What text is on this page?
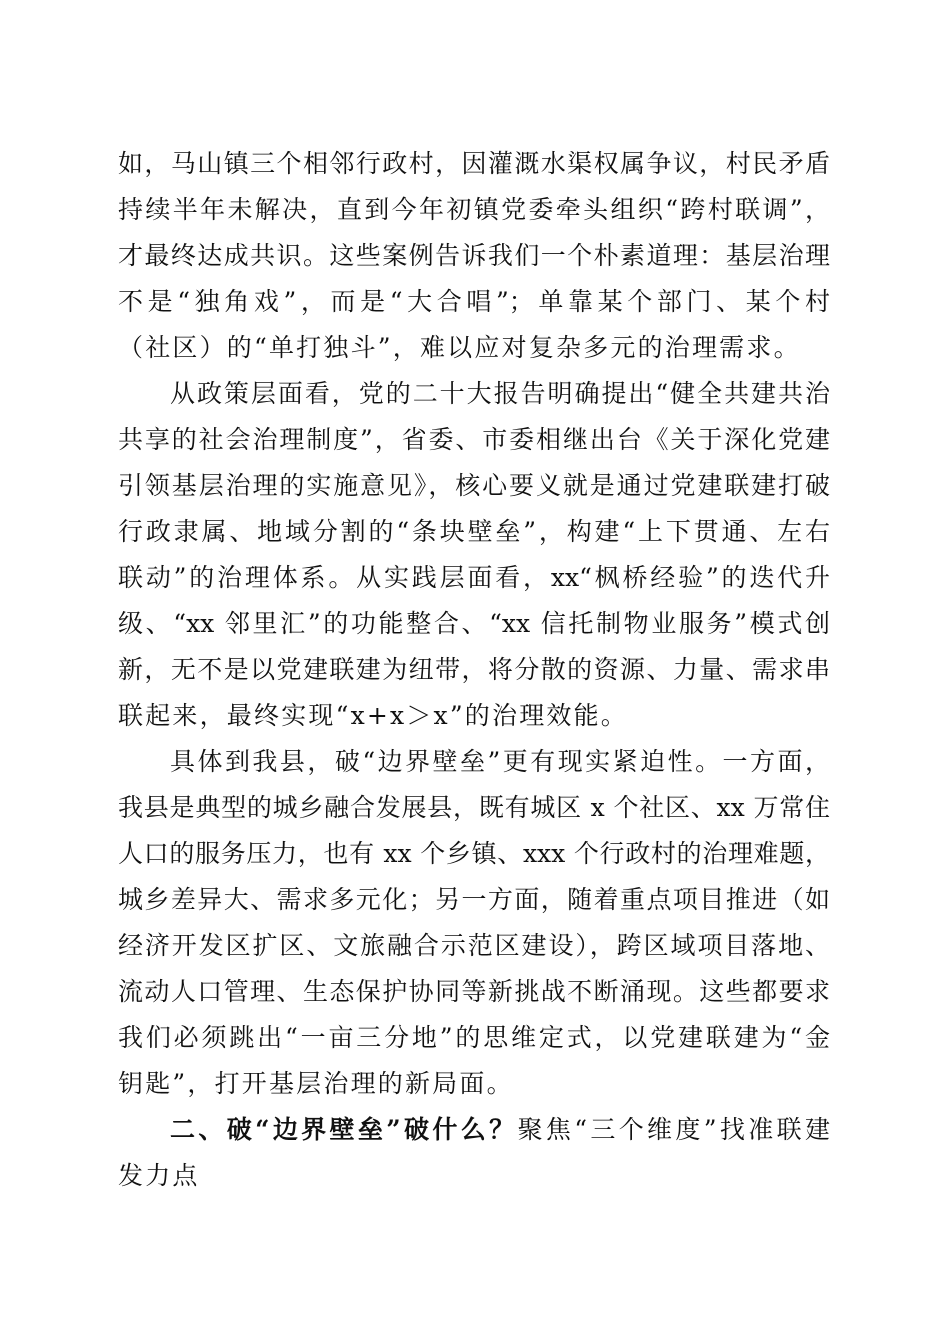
如，马山镇三个相邻行政村，因灌溉水渠权属争议，村民矛盾
持续半年未解决，直到今年初镇党委牵头组织“跨村联调”，
才最终达成共识。这些案例告诉我们一个朴素道理：基层治理
不是“独角戏”，而是“大合唱”；单靠某个部门、某个村
（社区）的“单打独斗”，难以应对复杂多元的治理需求。
从政策层面看，党的二十大报告明确提出“健全共建共治
共享的社会治理制度”，省委、市委相继出台《关于深化党建
引领基层治理的实施意见》，核心要义就是通过党建联建打破
行政隶属、地域分割的“条块壁垒”，构建“上下贯通、左右
联动”的治理体系。从实践层面看，xx“枫桥经验”的迭代升
级、“xx 邻里汇”的功能整合、“xx 信托制物业服务”模式创
新，无不是以党建联建为纽带，将分散的资源、力量、需求串
联起来，最终实现“x+x＞x”的治理效能。
具体到我县，破“边界壁垒”更有现实紧迫性。一方面，
我县是典型的城乡融合发展县，既有城区 x 个社区、xx 万常住
人口的服务压力，也有 xx 个乡镇、xxx 个行政村的治理难题，
城乡差异大、需求多元化；另一方面，随着重点项目推进（如
经济开发区扩区、文旅融合示范区建设），跨区域项目落地、
流动人口管理、生态保护协同等新挑战不断涌现。这些都要求
我们必须跳出“一亩三分地”的思维定式，以党建联建为“金
钥匙”，打开基层治理的新局面。
二、破“边界壁垒”破什么？聚焦“三个维度”找准联建
发力点
